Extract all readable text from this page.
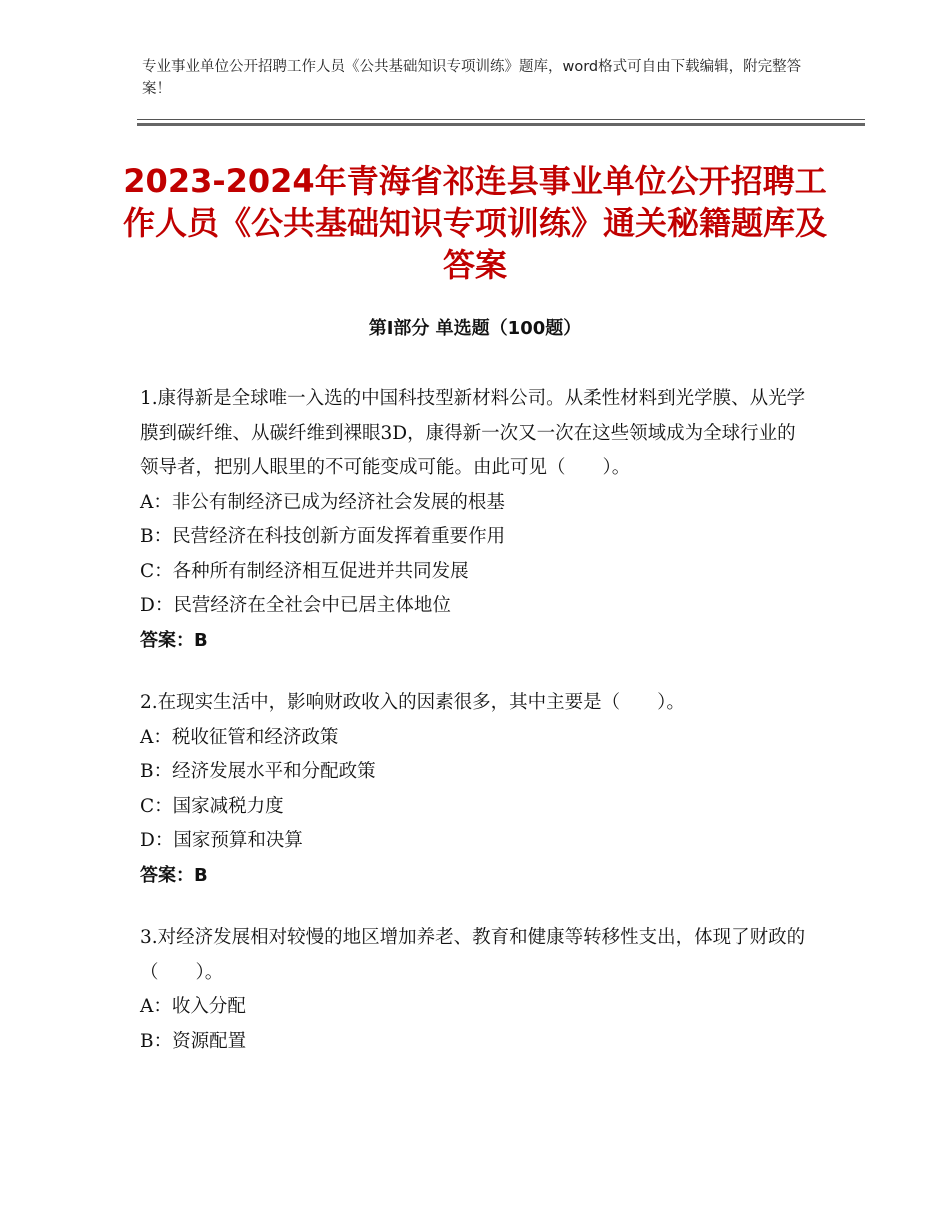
专业事业单位公开招聘工作人员《公共基础知识专项训练》题库，word格式可自由下载编辑，附完整答案！
2023-2024年青海省祁连县事业单位公开招聘工作人员《公共基础知识专项训练》通关秘籍题库及答案
第Ⅰ部分 单选题（100题）
1.康得新是全球唯一入选的中国科技型新材料公司。从柔性材料到光学膜、从光学膜到碳纤维、从碳纤维到裸眼3D，康得新一次又一次在这些领域成为全球行业的领导者，把别人眼里的不可能变成可能。由此可见（　　）。
A：非公有制经济已成为经济社会发展的根基
B：民营经济在科技创新方面发挥着重要作用
C：各种所有制经济相互促进并共同发展
D：民营经济在全社会中已居主体地位
答案：B
2.在现实生活中，影响财政收入的因素很多，其中主要是（　　）。
A：税收征管和经济政策
B：经济发展水平和分配政策
C：国家减税力度
D：国家预算和决算
答案：B
3.对经济发展相对较慢的地区增加养老、教育和健康等转移性支出，体现了财政的（　　）。
A：收入分配
B：资源配置
